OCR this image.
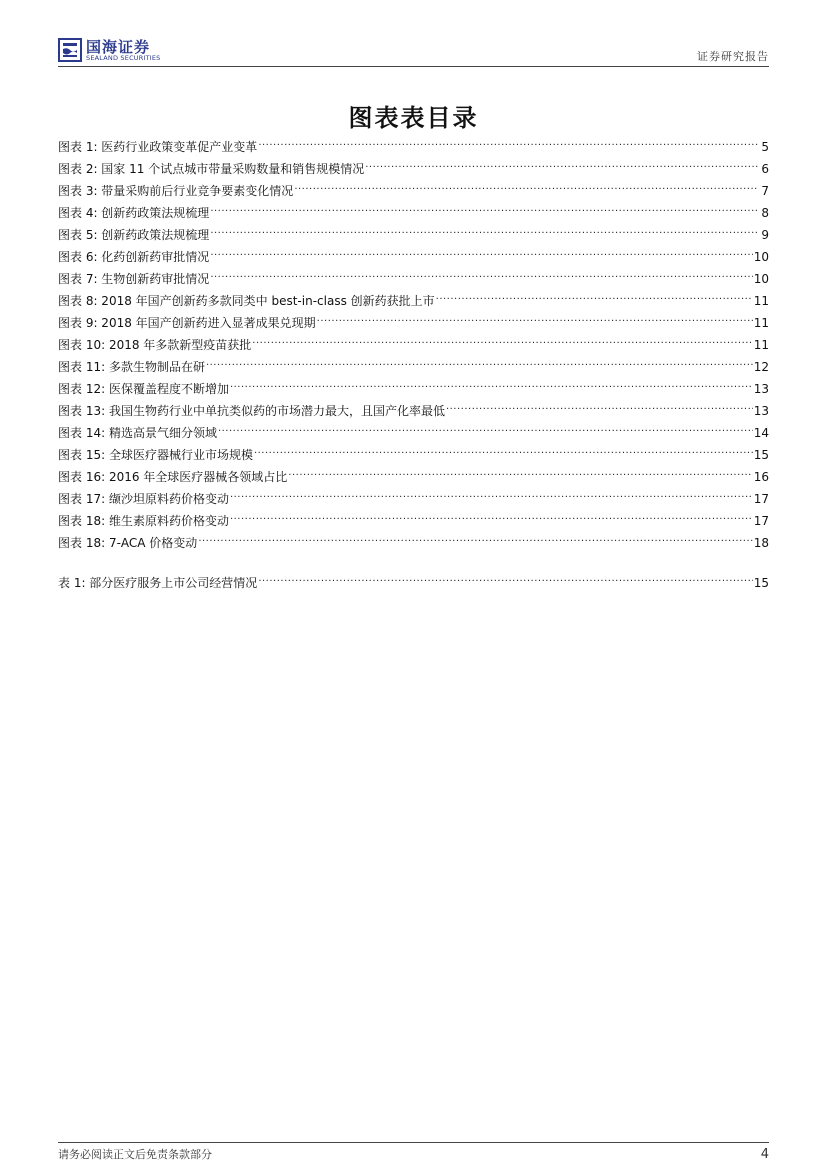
国海证券
SEALAND SECURITIES	证券研究报告
图表表目录
图表 1: 医药行业政策变革促产业变革 .....	5
图表 2: 国家 11 个试点城市带量采购数量和销售规模情况 .....	6
图表 3: 带量采购前后行业竞争要素变化情况 .....	7
图表 4: 创新药政策法规梳理 .....	8
图表 5: 创新药政策法规梳理 .....	9
图表 6: 化药创新药审批情况 .....	10
图表 7: 生物创新药审批情况 .....	10
图表 8: 2018 年国产创新药多款同类中 best-in-class 创新药获批上市 .....	11
图表 9: 2018 年国产创新药进入显著成果兑现期 .....	11
图表 10: 2018 年多款新型疫苗获批 .....	11
图表 11: 多款生物制品在研 .....	12
图表 12: 医保覆盖程度不断增加 .....	13
图表 13: 我国生物药行业中单抗类似药的市场潜力最大，且国产化率最低 .....	13
图表 14: 精选高景气细分领域 .....	14
图表 15: 全球医疗器械行业市场规模 .....	15
图表 16: 2016 年全球医疗器械各领域占比 .....	16
图表 17: 缬沙坦原料药价格变动 .....	17
图表 18: 维生素原料药价格变动 .....	17
图表 18: 7-ACA 价格变动 .....	18
表 1: 部分医疗服务上市公司经营情况 .....	15
请务必阅读正文后免责条款部分	4
